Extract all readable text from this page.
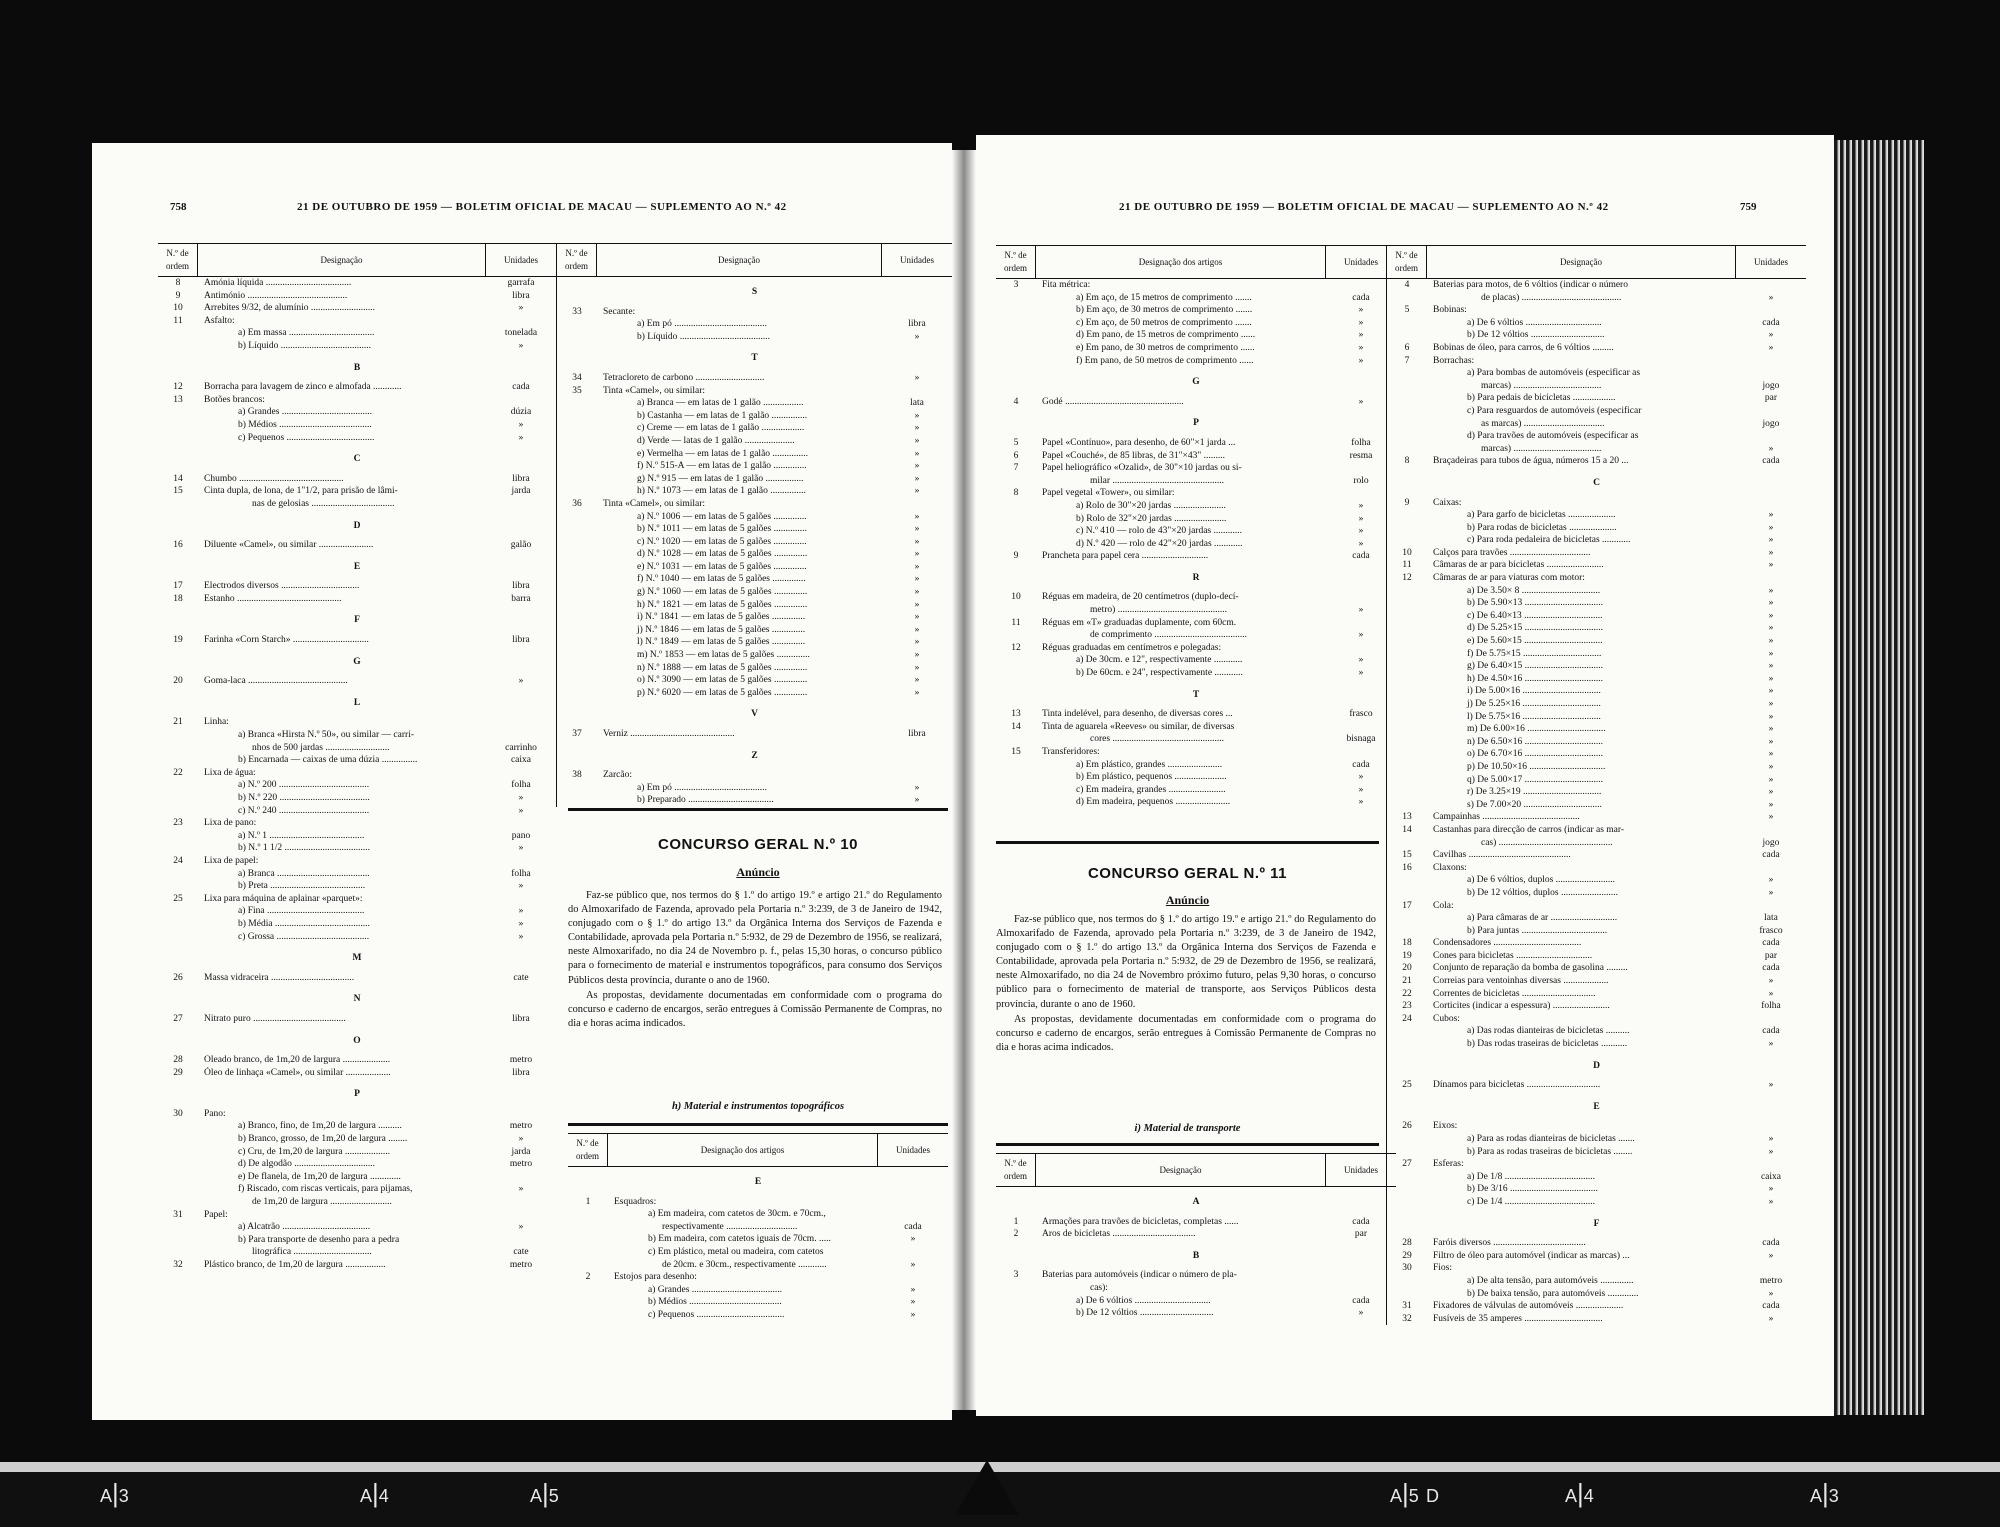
758	21 DE OUTUBRO DE 1959 — BOLETIM OFICIAL DE MACAU — SUPLEMENTO AO N.º 42
N.º de ordem
Designação	Unidades
8	Amónia líquida ....................................	garrafa
9	Antimónio ..........................................	libra
10	Arrebites 9/32, de alumínio ...........................	»
11	Asfalto:
a) Em massa ....................................	tonelada
b) Líquido ......................................	»
B
12	Borracha para lavagem de zinco e almofada ............	cada
13	Botões brancos:
a) Grandes ......................................	dúzia
b) Médios .......................................	»
c) Pequenos .....................................	»
C
14	Chumbo ............................................	libra
15	Cinta dupla, de lona, de 1"1/2, para prisão de lâmi-	jarda
nas de gelosias ...................................
D
16	Diluente «Camel», ou similar .......................	galão
E
17	Electrodos diversos .................................	libra
18	Estanho ............................................	barra
F
19	Farinha «Corn Starch» ................................	libra
G
20	Goma-laca ..........................................	»
L
21	Linha:
a) Branca «Hirsta N.º 50», ou similar — carri-
nhos de 500 jardas ...........................	carrinho
b) Encarnada — caixas de uma dúzia ...............	caixa
22	Lixa de água:
a) N.º 200 ......................................	folha
b) N.º 220 ......................................	»
c) N.º 240 ......................................	»
23	Lixa de pano:
a) N.º 1 ........................................	pano
b) N.º 1 1/2 ....................................	»
24	Lixa de papel:
a) Branca .......................................	folha
b) Preta ........................................	»
25	Lixa para máquina de aplainar «parquet»:
a) Fina .........................................	»
b) Média ........................................	»
c) Grossa .......................................	»
M
26	Massa vidraceira ...................................	cate
N
27	Nitrato puro .......................................	libra
O
28	Oleado branco, de 1m,20 de largura ....................	metro
29	Óleo de linhaça «Camel», ou similar ...................	libra
P
30	Pano:
a) Branco, fino, de 1m,20 de largura ..........	metro
b) Branco, grosso, de 1m,20 de largura ........	»
c) Cru, de 1m,20 de largura ...................	jarda
d) De algodão ..................................	metro
e) De flanela, de 1m,20 de largura .............
f) Riscado, com riscas verticais, para pijamas,	»
de 1m,20 de largura ..........................
31	Papel:
a) Alcatrão .....................................	»
b) Para transporte de desenho para a pedra
litográfica .................................	cate
32	Plástico branco, de 1m,20 de largura .................	metro
N.º de ordem
Designação	Unidades
S
33	Secante:
a) Em pó .......................................	libra
b) Líquido ......................................	»
T
34	Tetracloreto de carbono .............................	»
35	Tinta «Camel», ou similar:
a) Branca — em latas de 1 galão .................	lata
b) Castanha — em latas de 1 galão ...............	»
c) Creme — em latas de 1 galão ..................	»
d) Verde — latas de 1 galão .....................	»
e) Vermelha — em latas de 1 galão ...............	»
f) N.º 515-A — em latas de 1 galão ..............	»
g) N.º 915 — em latas de 1 galão ................	»
h) N.º 1073 — em latas de 1 galão ...............	»
36	Tinta «Camel», ou similar:
a) N.º 1006 — em latas de 5 galões ..............	»
b) N.º 1011 — em latas de 5 galões ..............	»
c) N.º 1020 — em latas de 5 galões ..............	»
d) N.º 1028 — em latas de 5 galões ..............	»
e) N.º 1031 — em latas de 5 galões ..............	»
f) N.º 1040 — em latas de 5 galões ..............	»
g) N.º 1060 — em latas de 5 galões ..............	»
h) N.º 1821 — em latas de 5 galões ..............	»
i) N.º 1841 — em latas de 5 galões ..............	»
j) N.º 1846 — em latas de 5 galões ..............	»
l) N.º 1849 — em latas de 5 galões ..............	»
m) N.º 1853 — em latas de 5 galões ..............	»
n) N.º 1888 — em latas de 5 galões ..............	»
o) N.º 3090 — em latas de 5 galões ..............	»
p) N.º 6020 — em latas de 5 galões ..............	»
V
37	Verniz ............................................	libra
Z
38	Zarcão:
a) Em pó .......................................	»
b) Preparado ....................................	»
CONCURSO GERAL N.º 10
Anúncio

Faz-se público que, nos termos do § 1.º do artigo 19.º e artigo 21.º do Regulamento do Almoxarifado de Fazenda, aprovado pela Portaria n.º 3:239, de 3 de Janeiro de 1942, conjugado com o § 1.º do artigo 13.º da Orgânica Interna dos Serviços de Fazenda e Contabilidade, aprovada pela Portaria n.º 5:932, de 29 de Dezembro de 1956, se realizará, neste Almoxarifado, no dia 24 de Novembro p. f., pelas 15,30 horas, o concurso público para o fornecimento de material e instrumentos topográficos, para consumo dos Serviços Públicos desta província, durante o ano de 1960.

As propostas, devidamente documentadas em conformidade com o programa do concurso e caderno de encargos, serão entregues à Comissão Permanente de Compras, no dia e horas acima indicados.

h) Material e instrumentos topográficos
N.º de ordem
Designação dos artigos	Unidades
E
1	Esquadros:
a) Em madeira, com catetos de 30cm. e 70cm.,
respectivamente ..............................	cada
b) Em madeira, com catetos iguais de 70cm. .....	»
c) Em plástico, metal ou madeira, com catetos
de 20cm. e 30cm., respectivamente ............	»
2	Estojos para desenho:
a) Grandes ......................................	»
b) Médios .......................................	»
c) Pequenos .....................................	»
21 DE OUTUBRO DE 1959 — BOLETIM OFICIAL DE MACAU — SUPLEMENTO AO N.º 42	759
N.º de ordem
Designação dos artigos	Unidades
3	Fita métrica:
a) Em aço, de 15 metros de comprimento .......	cada
b) Em aço, de 30 metros de comprimento .......	»
c) Em aço, de 50 metros de comprimento .......	»
d) Em pano, de 15 metros de comprimento ......	»
e) Em pano, de 30 metros de comprimento ......	»
f) Em pano, de 50 metros de comprimento ......	»
G
4	Godé ..................................................	»
P
5	Papel «Contínuo», para desenho, de 60"×1 jarda ...	folha
6	Papel «Couché», de 85 libras, de 31"×43" .........	resma
7	Papel heliográfico «Ozalid», de 30"×10 jardas ou si-
milar ...............................................	rolo
8	Papel vegetal «Tower», ou similar:
a) Rolo de 30"×20 jardas ......................	»
b) Rolo de 32"×20 jardas ......................	»
c) N.º 410 — rolo de 43"×20 jardas ............	»
d) N.º 420 — rolo de 42"×20 jardas ............	»
9	Prancheta para papel cera ............................	cada
R
10	Réguas em madeira, de 20 centímetros (duplo-decí-
metro) ..............................................	»
11	Réguas em «T» graduadas duplamente, com 60cm.
de comprimento .......................................	»
12	Réguas graduadas em centímetros e polegadas:
a) De 30cm. e 12", respectivamente ............	»
b) De 60cm. e 24", respectivamente ............	»
T
13	Tinta indelével, para desenho, de diversas cores ...	frasco
14	Tinta de aguarela «Reeves» ou similar, de diversas
cores ...............................................	bisnaga
15	Transferidores:
a) Em plástico, grandes .......................	cada
b) Em plástico, pequenos ......................	»
c) Em madeira, grandes ........................	»
d) Em madeira, pequenos .......................	»
CONCURSO GERAL N.º 11
Anúncio

Faz-se público que, nos termos do § 1.º do artigo 19.º e artigo 21.º do Regulamento do Almoxarifado de Fazenda, aprovado pela Portaria n.º 3:239, de 3 de Janeiro de 1942, conjugado com o § 1.º do artigo 13.º da Orgânica Interna dos Serviços de Fazenda e Contabilidade, aprovada pela Portaria n.º 5:932, de 29 de Dezembro de 1956, se realizará, neste Almoxarifado, no dia 24 de Novembro próximo futuro, pelas 9,30 horas, o concurso público para o fornecimento de material de transporte, aos Serviços Públicos desta província, durante o ano de 1960.

As propostas, devidamente documentadas em conformidade com o programa do concurso e caderno de encargos, serão entregues à Comissão Permanente de Compras no dia e horas acima indicados.

i) Material de transporte
N.º de ordem
Designação	Unidades
A
1	Armações para travões de bicicletas, completas ......	cada
2	Aros de bicicletas ...................................	par
B
3	Baterias para automóveis (indicar o número de pla-
cas):
a) De 6 vóltios ................................	cada
b) De 12 vóltios ...............................	»
N.º de ordem
Designação	Unidades
4	Baterias para motos, de 6 vóltios (indicar o número
de placas) ..........................................	»
5	Bobinas:
a) De 6 vóltios ................................	cada
b) De 12 vóltios ...............................	»
6	Bobinas de óleo, para carros, de 6 vóltios .........	»
7	Borrachas:
a) Para bombas de automóveis (especificar as
marcas) .....................................	jogo
b) Para pedais de bicicletas ..................	par
c) Para resguardos de automóveis (especificar
as marcas) ..................................	jogo
d) Para travões de automóveis (especificar as
marcas) .....................................	»
8	Braçadeiras para tubos de água, números 15 a 20 ...	cada
C
9	Caixas:
a) Para garfo de bicicletas ....................	»
b) Para rodas de bicicletas ....................	»
c) Para roda pedaleira de bicicletas ............	»
10	Calços para travões ..................................	»
11	Câmaras de ar para bicicletas ........................	»
12	Câmaras de ar para viaturas com motor:
a) De 3.50× 8 .................................	»
b) De 5.90×13 .................................	»
c) De 6.40×13 .................................	»
d) De 5.25×15 .................................	»
e) De 5.60×15 .................................	»
f) De 5.75×15 .................................	»
g) De 6.40×15 .................................	»
h) De 4.50×16 .................................	»
i) De 5.00×16 .................................	»
j) De 5.25×16 .................................	»
l) De 5.75×16 .................................	»
m) De 6.00×16 .................................	»
n) De 6.50×16 .................................	»
o) De 6.70×16 .................................	»
p) De 10.50×16 ................................	»
q) De 5.00×17 .................................	»
r) De 3.25×19 .................................	»
s) De 7.00×20 .................................	»
13	Campainhas .........................................	»
14	Castanhas para direcção de carros (indicar as mar-
cas) ................................................	jogo
15	Cavilhas ...........................................	cada
16	Claxons:
a) De 6 vóltios, duplos .........................	»
b) De 12 vóltios, duplos ........................	»
17	Cola:
a) Para câmaras de ar ............................	lata
b) Para juntas ....................................	frasco
18	Condensadores .....................................	cada
19	Cones para bicicletas ................................	par
20	Conjunto de reparação da bomba de gasolina .........	cada
21	Correias para ventoinhas diversas ...................	»
22	Correntes de bicicletas ...............................	»
23	Corticites (indicar a espessura) ........................	folha
24	Cubos:
a) Das rodas dianteiras de bicicletas ..........	cada
b) Das rodas traseiras de bicicletas ...........	»
D
25	Dínamos para bicicletas ...............................	»
E
26	Eixos:
a) Para as rodas dianteiras de bicicletas .......	»
b) Para as rodas traseiras de bicicletas ........	»
27	Esferas:
a) De 1/8 ......................................	caixa
b) De 3/16 .....................................	»
c) De 1/4 ......................................	»
F
28	Faróis diversos .......................................	cada
29	Filtro de óleo para automóvel (indicar as marcas) ...	»
30	Fios:
a) De alta tensão, para automóveis ..............	metro
b) De baixa tensão, para automóveis .............	»
31	Fixadores de válvulas de automóveis ....................	cada
32	Fusíveis de 35 amperes .................................	»
A|3	A|4	A|5	A|5 D	A|4	A|3
